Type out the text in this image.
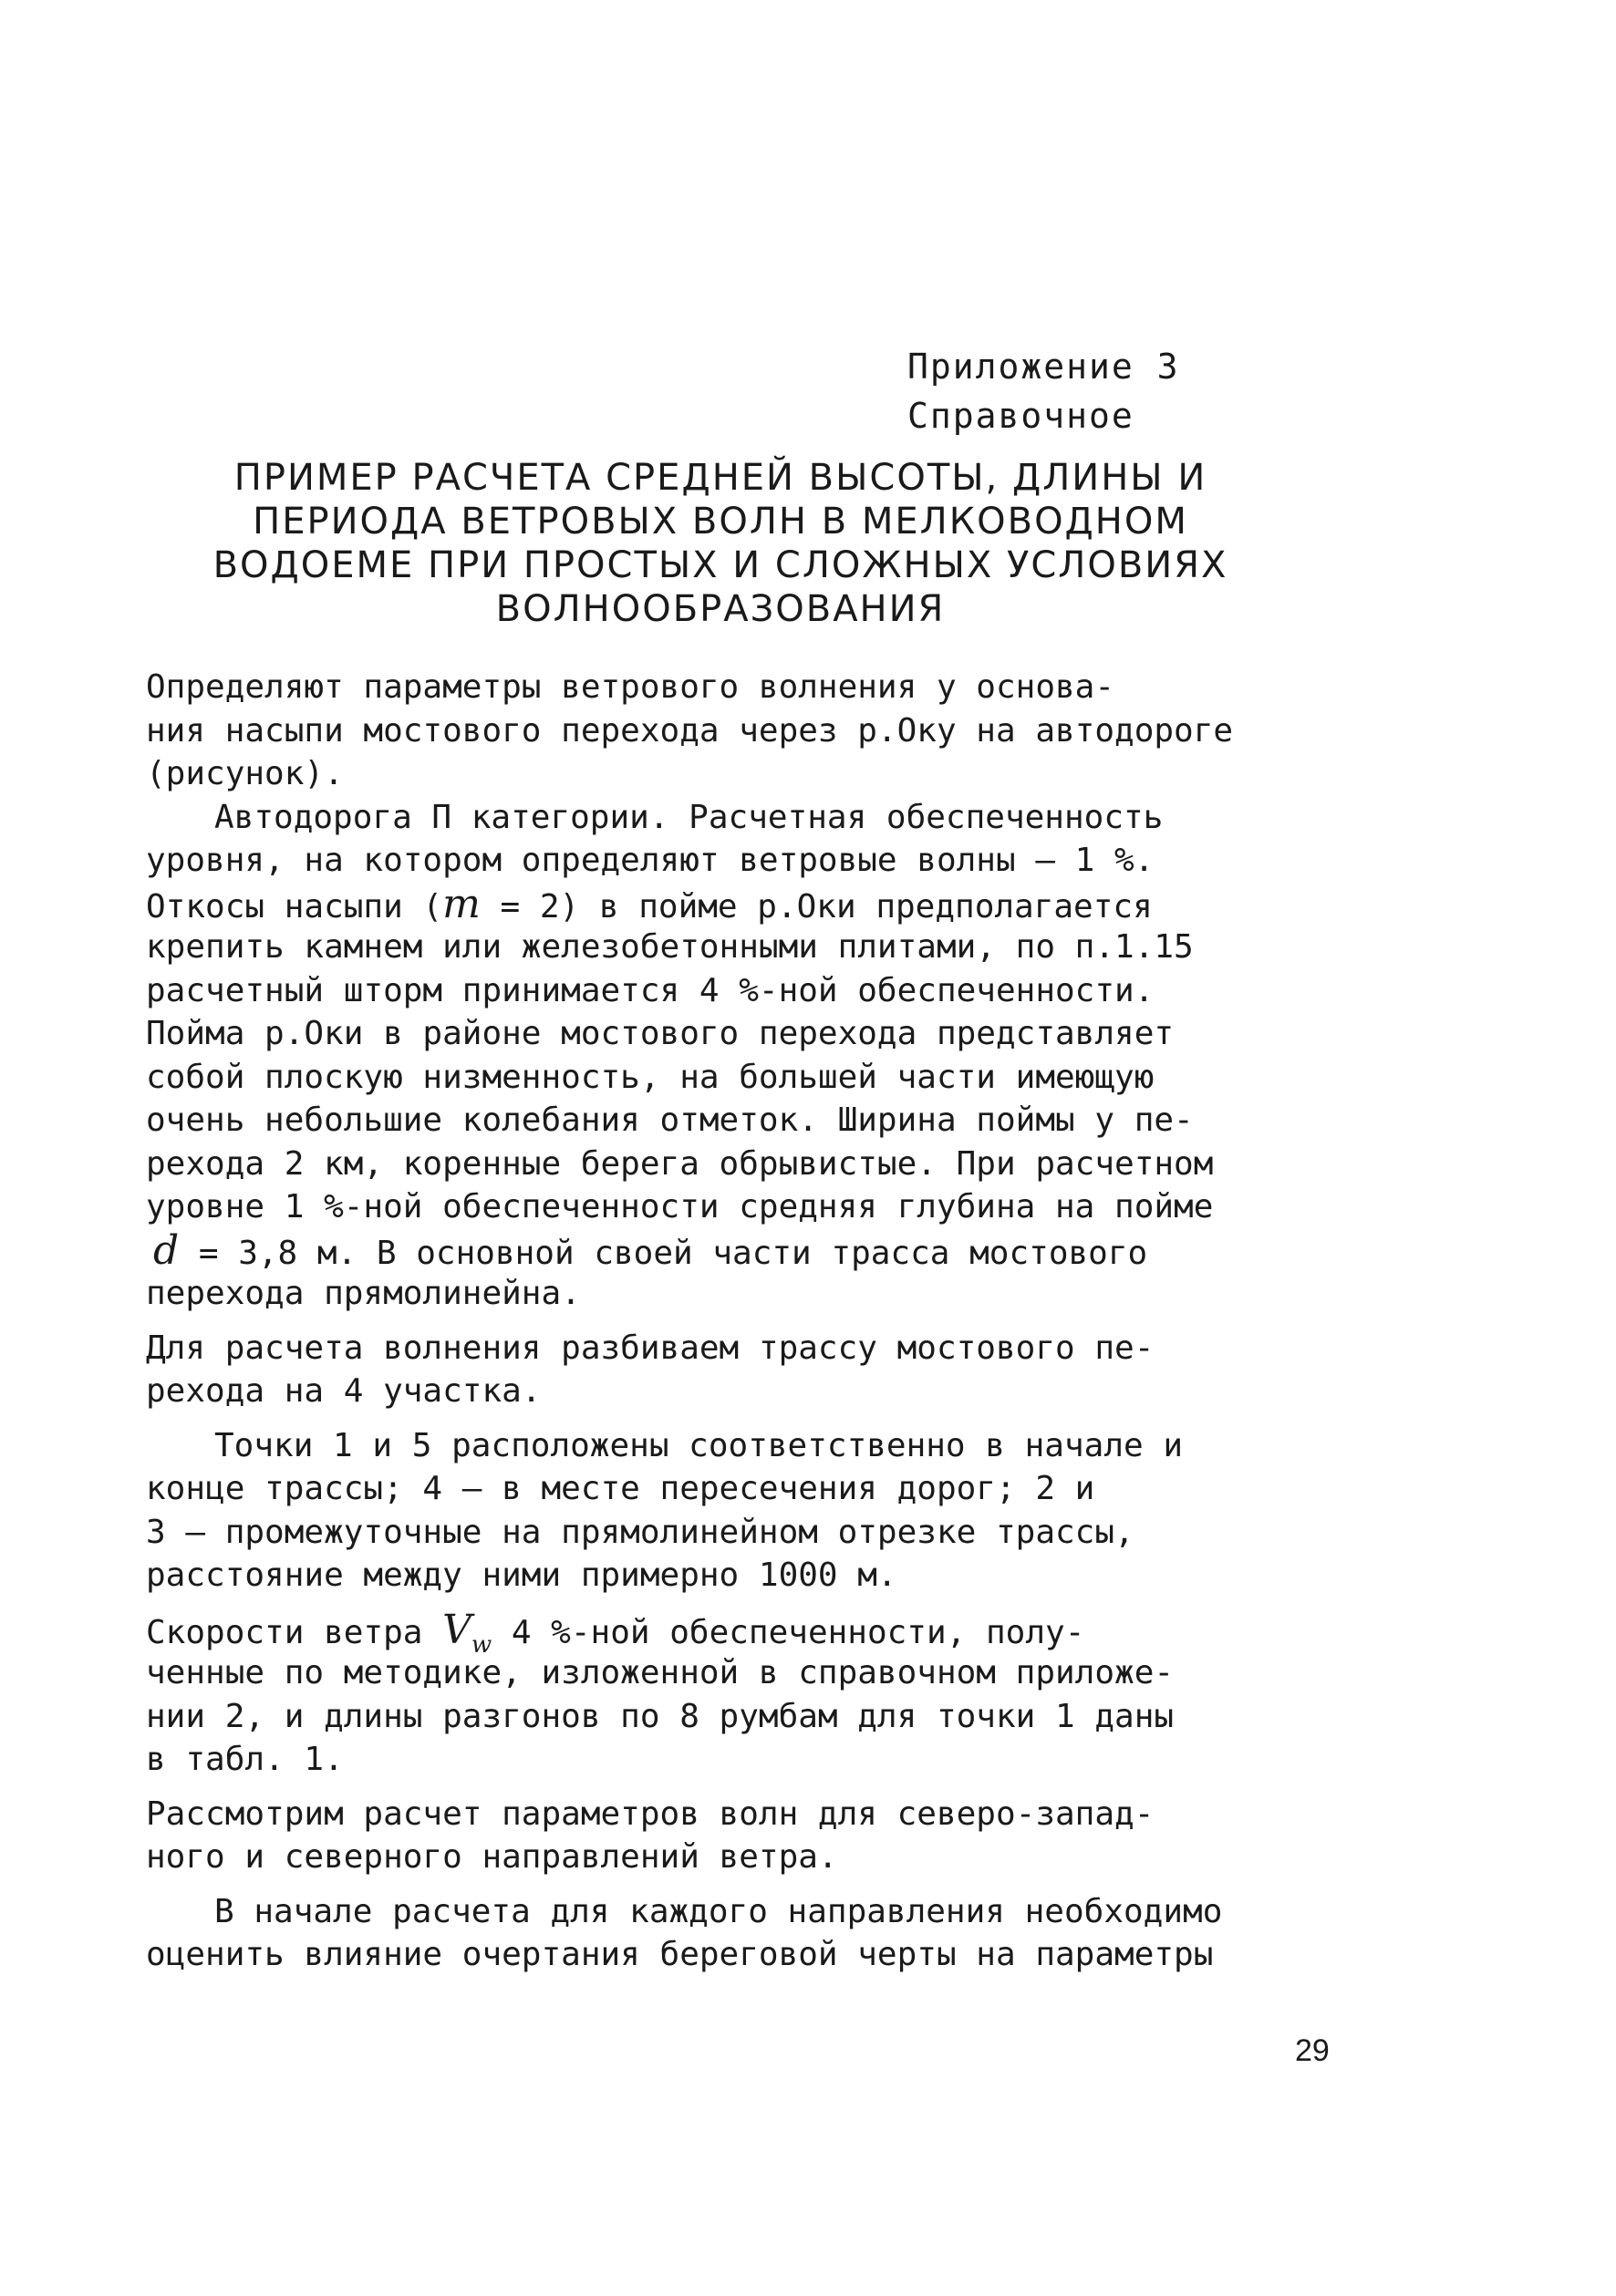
Приложение 3
Справочное
ПРИМЕР РАСЧЕТА СРЕДНЕЙ ВЫСОТЫ, ДЛИНЫ И
ПЕРИОДА ВЕТРОВЫХ ВОЛН В МЕЛКОВОДНОМ
ВОДОЕМЕ ПРИ ПРОСТЫХ И СЛОЖНЫХ УСЛОВИЯХ
ВОЛНООБРАЗОВАНИЯ
Определяют параметры ветрового волнения у основа-
ния насыпи мостового перехода через р.Оку на автодороге
(рисунок).
Автодорога П категории. Расчетная обеспеченность
уровня, на котором определяют ветровые волны – 1 %.
Откосы насыпи (m = 2) в пойме р.Оки предполагается
крепить камнем или железобетонными плитами, по п.1.15
расчетный шторм принимается 4 %-ной обеспеченности.
Пойма р.Оки в районе мостового перехода представляет
собой плоскую низменность, на большей части имеющую
очень небольшие колебания отметок. Ширина поймы у пе-
рехода 2 км, коренные берега обрывистые. При расчетном
уровне 1 %-ной обеспеченности средняя глубина на пойме
d = 3,8 м. В основной своей части трасса мостового
перехода прямолинейна.
Для расчета волнения разбиваем трассу мостового пе-
рехода на 4 участка.
Точки 1 и 5 расположены соответственно в начале и
конце трассы; 4 – в месте пересечения дорог; 2 и
3 – промежуточные на прямолинейном отрезке трассы,
расстояние между ними примерно 1000 м.
Скорости ветра $V_w$ 4 %-ной обеспеченности, полу-
ченные по методике, изложенной в справочном приложе-
нии 2, и длины разгонов по 8 румбам для точки 1 даны
в табл. 1.
Рассмотрим расчет параметров волн для северо-запад-
ного и северного направлений ветра.
В начале расчета для каждого направления необходимо
оценить влияние очертания береговой черты на параметры
29
